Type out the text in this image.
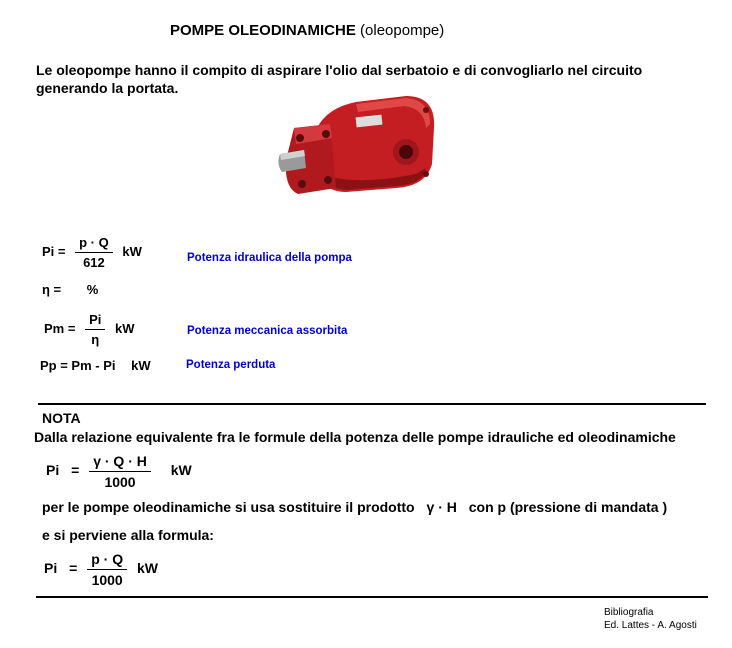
POMPE OLEODINAMICHE (oleopompe)
Le oleopompe hanno il compito di aspirare l'olio dal serbatoio e di convogliarlo nel circuito generando la portata.
$Pi = \frac{p \cdot Q}{612}$ kW	Potenza idraulica della pompa
η = %
$Pm = \frac{Pi}{\eta}$ kW	Potenza meccanica assorbita
Pp = Pm - Pi kW	Potenza perduta
NOTA
Dalla relazione equivalente fra le formule della potenza delle pompe idrauliche ed oleodinamiche
$Pi = \frac{\gamma \cdot Q \cdot H}{1000}$ kW
per le pompe oleodinamiche si usa sostituire il prodotto γ · H con p (pressione di mandata )
e si perviene alla formula:
$Pi = \frac{p \cdot Q}{1000}$ kW
Bibliografia
Ed. Lattes - A. Agosti
